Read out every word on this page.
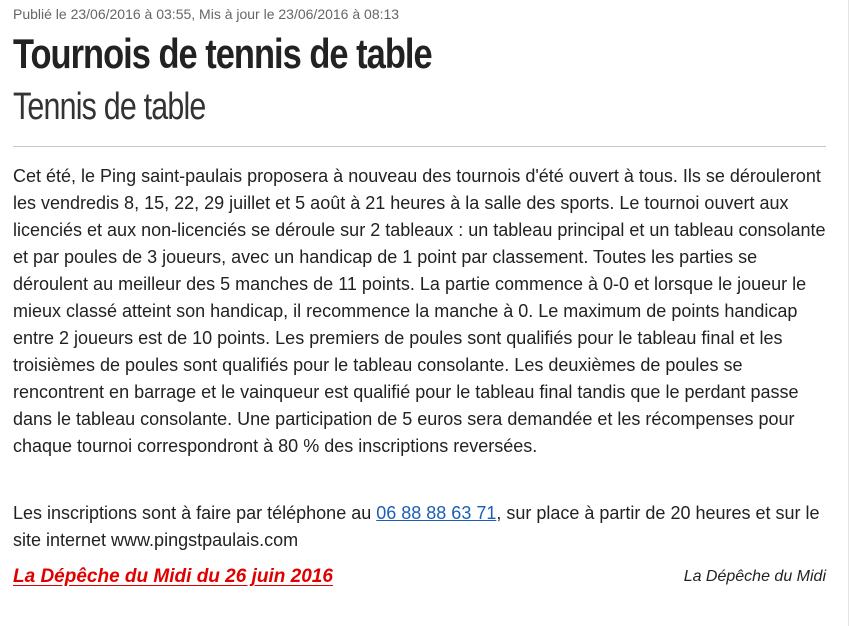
Publié le 23/06/2016 à 03:55, Mis à jour le 23/06/2016 à 08:13
Tournois de tennis de table
Tennis de table

Cet été, le Ping saint-paulais proposera à nouveau des tournois d'été ouvert à tous. Ils se dérouleront les vendredis 8, 15, 22, 29 juillet et 5 août à 21 heures à la salle des sports. Le tournoi ouvert aux licenciés et aux non-licenciés se déroule sur 2 tableaux : un tableau principal et un tableau consolante et par poules de 3 joueurs, avec un handicap de 1 point par classement. Toutes les parties se déroulent au meilleur des 5 manches de 11 points. La partie commence à 0-0 et lorsque le joueur le mieux classé atteint son handicap, il recommence la manche à 0. Le maximum de points handicap entre 2 joueurs est de 10 points. Les premiers de poules sont qualifiés pour le tableau final et les troisièmes de poules sont qualifiés pour le tableau consolante. Les deuxièmes de poules se rencontrent en barrage et le vainqueur est qualifié pour le tableau final tandis que le perdant passe dans le tableau consolante. Une participation de 5 euros sera demandée et les récompenses pour chaque tournoi correspondront à 80 % des inscriptions reversées.

Les inscriptions sont à faire par téléphone au 06 88 88 63 71, sur place à partir de 20 heures et sur le site internet www.pingstpaulais.com

La Dépêche du Midi du 26 juin 2016	La Dépêche du Midi
